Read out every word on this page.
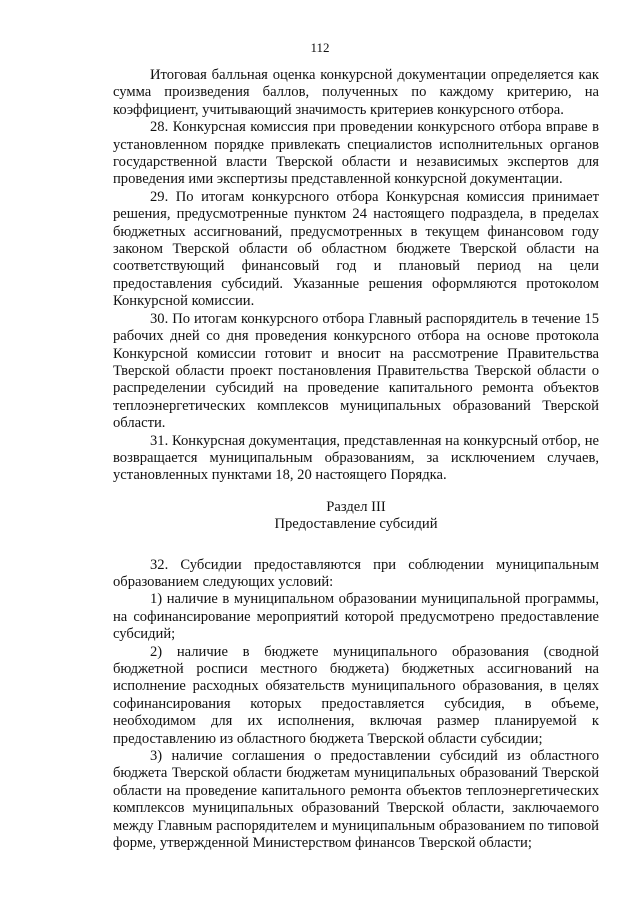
112

Итоговая балльная оценка конкурсной документации определяется как сумма произведения баллов, полученных по каждому критерию, на коэффициент, учитывающий значимость критериев конкурсного отбора.

28. Конкурсная комиссия при проведении конкурсного отбора вправе в установленном порядке привлекать специалистов исполнительных органов государственной власти Тверской области и независимых экспертов для проведения ими экспертизы представленной конкурсной документации.

29. По итогам конкурсного отбора Конкурсная комиссия принимает решения, предусмотренные пунктом 24 настоящего подраздела, в пределах бюджетных ассигнований, предусмотренных в текущем финансовом году законом Тверской области об областном бюджете Тверской области на соответствующий финансовый год и плановый период на цели предоставления субсидий. Указанные решения оформляются протоколом Конкурсной комиссии.

30. По итогам конкурсного отбора Главный распорядитель в течение 15 рабочих дней со дня проведения конкурсного отбора на основе протокола Конкурсной комиссии готовит и вносит на рассмотрение Правительства Тверской области проект постановления Правительства Тверской области о распределении субсидий на проведение капитального ремонта объектов теплоэнергетических комплексов муниципальных образований Тверской области.

31. Конкурсная документация, представленная на конкурсный отбор, не возвращается муниципальным образованиям, за исключением случаев, установленных пунктами 18, 20 настоящего Порядка.

Раздел III
Предоставление субсидий

32. Субсидии предоставляются при соблюдении муниципальным образованием следующих условий:

1) наличие в муниципальном образовании муниципальной программы, на софинансирование мероприятий которой предусмотрено предоставление субсидий;

2) наличие в бюджете муниципального образования (сводной бюджетной росписи местного бюджета) бюджетных ассигнований на исполнение расходных обязательств муниципального образования, в целях софинансирования которых предоставляется субсидия, в объеме, необходимом для их исполнения, включая размер планируемой к предоставлению из областного бюджета Тверской области субсидии;

3) наличие соглашения о предоставлении субсидий из областного бюджета Тверской области бюджетам муниципальных образований Тверской области на проведение капитального ремонта объектов теплоэнергетических комплексов муниципальных образований Тверской области, заключаемого между Главным распорядителем и муниципальным образованием по типовой форме, утвержденной Министерством финансов Тверской области;
